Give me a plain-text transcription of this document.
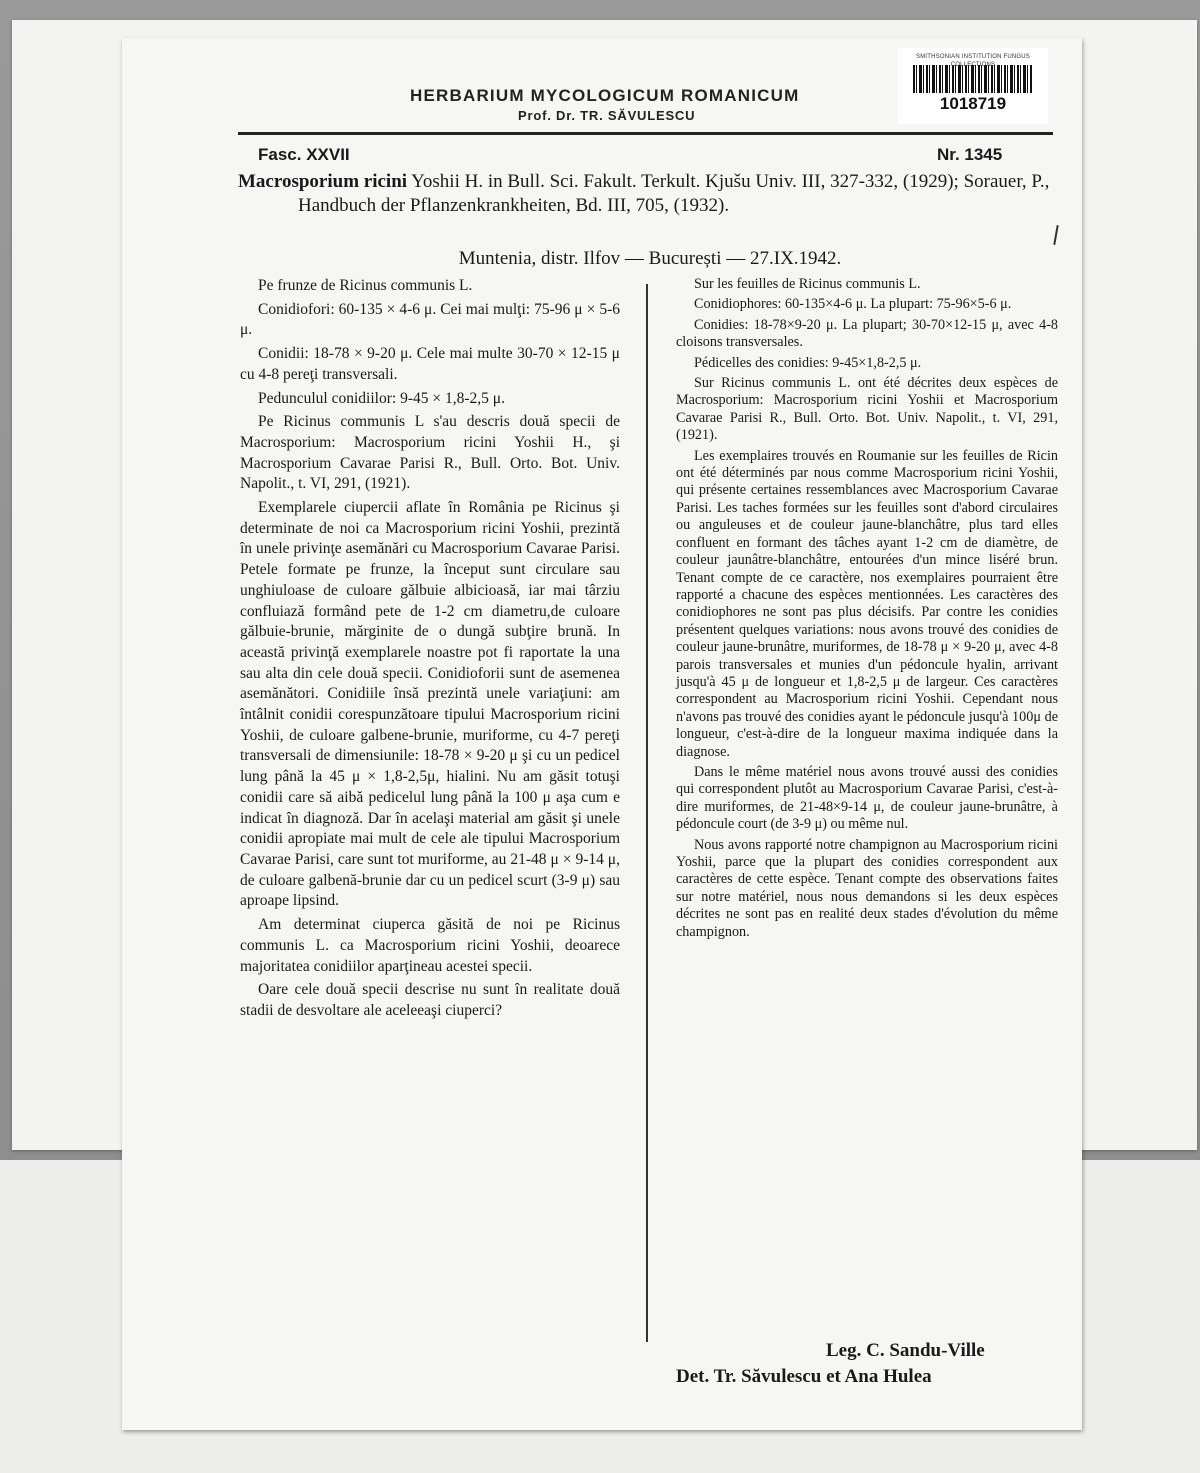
SMITHSONIAN INSTITUTION FUNGUS COLLECTIONS
1018719
HERBARIUM MYCOLOGICUM ROMANICUM
Prof. Dr. TR. SĂVULESCU
Fasc. XXVII	Nr. 1345

Macrosporium ricini Yoshii H. in Bull. Sci. Fakult. Terkult. Kjušu Univ. III, 327-332, (1929); Sorauer, P., Handbuch der Pflanzenkrankheiten, Bd. III, 705, (1932).

Muntenia, distr. Ilfov — București — 27.IX.1942.

Pe frunze de Ricinus communis L.

Conidiofori: 60-135 × 4-6 μ. Cei mai mulţi: 75-96 μ × 5-6 μ.

Conidii: 18-78 × 9-20 μ. Cele mai multe 30-70 × 12-15 μ cu 4-8 pereţi transversali.

Pedunculul conidiilor: 9-45 × 1,8-2,5 μ.

Pe Ricinus communis L s'au descris două specii de Macrosporium: Macrosporium ricini Yoshii H., şi Macrosporium Cavarae Parisi R., Bull. Orto. Bot. Univ. Napolit., t. VI, 291, (1921).

Exemplarele ciupercii aflate în România pe Ricinus şi determinate de noi ca Macrosporium ricini Yoshii, prezintă în unele privinţe asemănări cu Macrosporium Cavarae Parisi. Petele formate pe frunze, la început sunt circulare sau unghiuloase de culoare gălbuie albicioasă, iar mai târziu confluiază formând pete de 1-2 cm diametru,de culoare gălbuie-brunie, mărginite de o dungă subţire brună. In această privinţă exemplarele noastre pot fi raportate la una sau alta din cele două specii. Conidioforii sunt de asemenea asemănători. Conidiile însă prezintă unele variaţiuni: am întâlnit conidii corespunzătoare tipului Macrosporium ricini Yoshii, de culoare galbene-brunie, muriforme, cu 4-7 pereţi transversali de dimensiunile: 18-78 × 9-20 μ şi cu un pedicel lung până la 45 μ × 1,8-2,5μ, hialini. Nu am găsit totuşi conidii care să aibă pedicelul lung până la 100 μ aşa cum e indicat în diagnoză. Dar în acelaşi material am găsit şi unele conidii apropiate mai mult de cele ale tipului Macrosporium Cavarae Parisi, care sunt tot muriforme, au 21-48 μ × 9-14 μ, de culoare galbenă-brunie dar cu un pedicel scurt (3-9 μ) sau aproape lipsind.

Am determinat ciuperca găsită de noi pe Ricinus communis L. ca Macrosporium ricini Yoshii, deoarece majoritatea conidiilor aparţineau acestei specii.

Oare cele două specii descrise nu sunt în realitate două stadii de desvoltare ale aceleeaşi ciuperci?

Sur les feuilles de Ricinus communis L.

Conidiophores: 60-135×4-6 μ. La plupart: 75-96×5-6 μ.

Conidies: 18-78×9-20 μ. La plupart; 30-70×12-15 μ, avec 4-8 cloisons transversales.

Pédicelles des conidies: 9-45×1,8-2,5 μ.

Sur Ricinus communis L. ont été décrites deux espèces de Macrosporium: Macrosporium ricini Yoshii et Macrosporium Cavarae Parisi R., Bull. Orto. Bot. Univ. Napolit., t. VI, 291, (1921).

Les exemplaires trouvés en Roumanie sur les feuilles de Ricin ont été déterminés par nous comme Macrosporium ricini Yoshii, qui présente certaines ressemblances avec Macrosporium Cavarae Parisi. Les taches formées sur les feuilles sont d'abord circulaires ou anguleuses et de couleur jaune-blanchâtre, plus tard elles confluent en formant des tâches ayant 1-2 cm de diamètre, de couleur jaunâtre-blanchâtre, entourées d'un mince liséré brun. Tenant compte de ce caractère, nos exemplaires pourraient être rapporté a chacune des espèces mentionnées. Les caractères des conidiophores ne sont pas plus décisifs. Par contre les conidies présentent quelques variations: nous avons trouvé des conidies de couleur jaune-brunâtre, muriformes, de 18-78 μ × 9-20 μ, avec 4-8 parois transversales et munies d'un pédoncule hyalin, arrivant jusqu'à 45 μ de longueur et 1,8-2,5 μ de largeur. Ces caractères correspondent au Macrosporium ricini Yoshii. Cependant nous n'avons pas trouvé des conidies ayant le pédoncule jusqu'à 100μ de longueur, c'est-à-dire de la longueur maxima indiquée dans la diagnose.

Dans le même matériel nous avons trouvé aussi des conidies qui correspondent plutôt au Macrosporium Cavarae Parisi, c'est-à-dire muriformes, de 21-48×9-14 μ, de couleur jaune-brunâtre, à pédoncule court (de 3-9 μ) ou même nul.

Nous avons rapporté notre champignon au Macrosporium ricini Yoshii, parce que la plupart des conidies correspondent aux caractères de cette espèce. Tenant compte des observations faites sur notre matériel, nous nous demandons si les deux espèces décrites ne sont pas en realité deux stades d'évolution du même champignon.

Leg. C. Sandu-Ville
Det. Tr. Săvulescu et Ana Hulea
